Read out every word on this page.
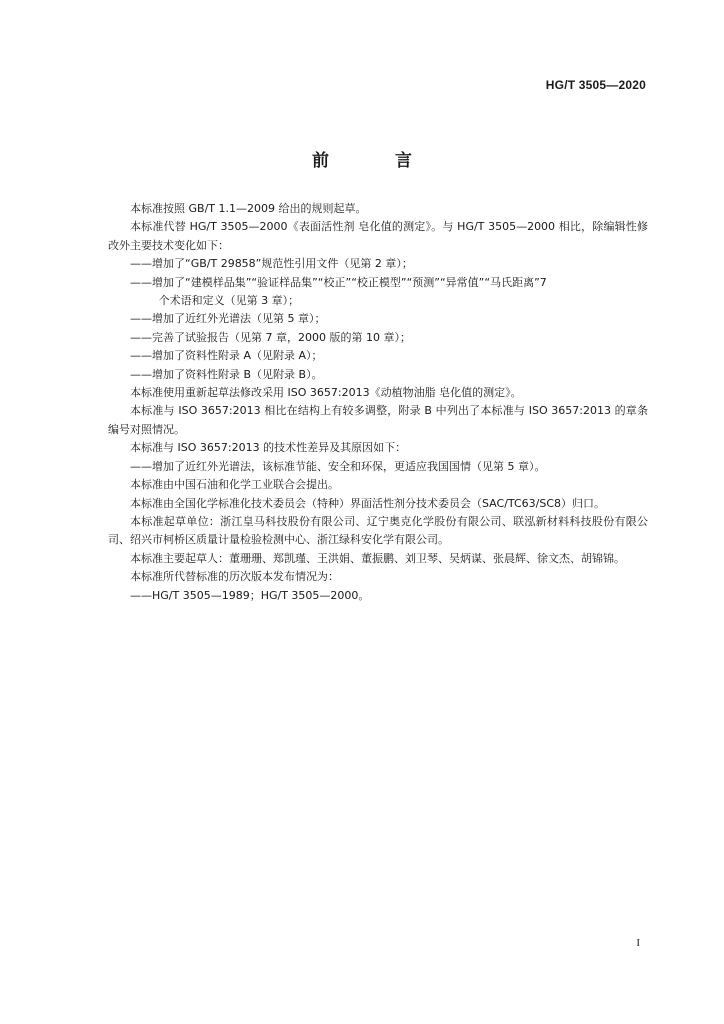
HG/T 3505—2020
前 言

本标准按照 GB/T 1.1—2009 给出的规则起草。

本标准代替 HG/T 3505—2000《表面活性剂 皂化值的测定》。与 HG/T 3505—2000 相比，除编辑性修改外主要技术变化如下：

——增加了“GB/T 29858”规范性引用文件（见第 2 章）；

——增加了“建模样品集”“验证样品集”“校正”“校正模型”“预测”“异常值”“马氏距离”7

个术语和定义（见第 3 章）；

——增加了近红外光谱法（见第 5 章）；

——完善了试验报告（见第 7 章，2000 版的第 10 章）；

——增加了资料性附录 A（见附录 A）；

——增加了资料性附录 B（见附录 B）。

本标准使用重新起草法修改采用 ISO 3657:2013《动植物油脂 皂化值的测定》。

本标准与 ISO 3657:2013 相比在结构上有较多调整，附录 B 中列出了本标准与 ISO 3657:2013 的章条编号对照情况。

本标准与 ISO 3657:2013 的技术性差异及其原因如下：

——增加了近红外光谱法，该标准节能、安全和环保，更适应我国国情（见第 5 章）。

本标准由中国石油和化学工业联合会提出。

本标准由全国化学标准化技术委员会（特种）界面活性剂分技术委员会（SAC/TC63/SC8）归口。

本标准起草单位：浙江皇马科技股份有限公司、辽宁奥克化学股份有限公司、联泓新材料科技股份有限公司、绍兴市柯桥区质量计量检验检测中心、浙江绿科安化学有限公司。

本标准主要起草人：董珊珊、郑凯瑾、王洪娟、董振鹏、刘卫琴、吴炳谋、张晨辉、徐文杰、胡锦锦。

本标准所代替标准的历次版本发布情况为：

——HG/T 3505—1989；HG/T 3505—2000。

I
